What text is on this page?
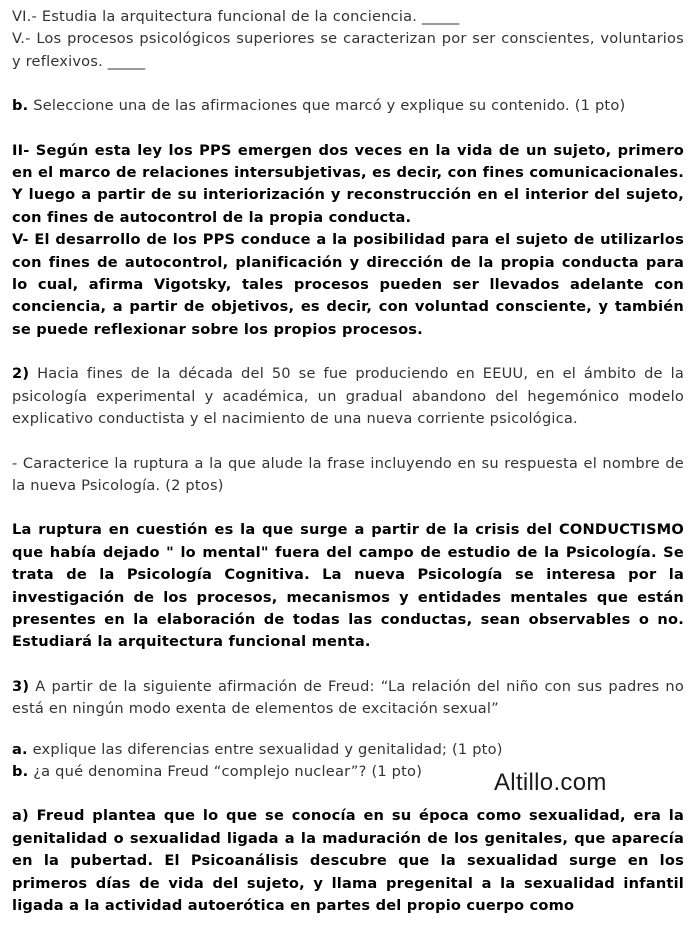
VI.- Estudia la arquitectura funcional de la conciencia. _____

V.- Los procesos psicológicos superiores se caracterizan por ser conscientes, voluntarios y reflexivos. _____

b. Seleccione una de las afirmaciones que marcó y explique su contenido. (1 pto)

II- Según esta ley los PPS emergen dos veces en la vida de un sujeto, primero en el marco de relaciones intersubjetivas, es decir, con fines comunicacionales. Y luego a partir de su interiorización y reconstrucción en el interior del sujeto, con fines de autocontrol de la propia conducta.

V- El desarrollo de los PPS conduce a la posibilidad para el sujeto de utilizarlos con fines de autocontrol, planificación y dirección de la propia conducta para lo cual, afirma Vigotsky, tales procesos pueden ser llevados adelante con conciencia, a partir de objetivos, es decir, con voluntad consciente, y también se puede reflexionar sobre los propios procesos.

2) Hacia fines de la década del 50 se fue produciendo en EEUU, en el ámbito de la psicología experimental y académica, un gradual abandono del hegemónico modelo explicativo conductista y el nacimiento de una nueva corriente psicológica.

- Caracterice la ruptura a la que alude la frase incluyendo en su respuesta el nombre de la nueva Psicología. (2 ptos)

La ruptura en cuestión es la que surge a partir de la crisis del CONDUCTISMO que había dejado " lo mental" fuera del campo de estudio de la Psicología. Se trata de la Psicología Cognitiva. La nueva Psicología se interesa por la investigación de los procesos, mecanismos y entidades mentales que están presentes en la elaboración de todas las conductas, sean observables o no. Estudiará la arquitectura funcional menta.

3) A partir de la siguiente afirmación de Freud: “La relación del niño con sus padres no está en ningún modo exenta de elementos de excitación sexual”

a. explique las diferencias entre sexualidad y genitalidad; (1 pto)

b. ¿a qué denomina Freud “complejo nuclear”? (1 pto)

a) Freud plantea que lo que se conocía en su época como sexualidad, era la genitalidad o sexualidad ligada a la maduración de los genitales, que aparecía en la pubertad. El Psicoanálisis descubre que la sexualidad surge en los primeros días de vida del sujeto, y llama pregenital a la sexualidad infantil ligada a la actividad autoerótica en partes del propio cuerpo como

Altillo.com
